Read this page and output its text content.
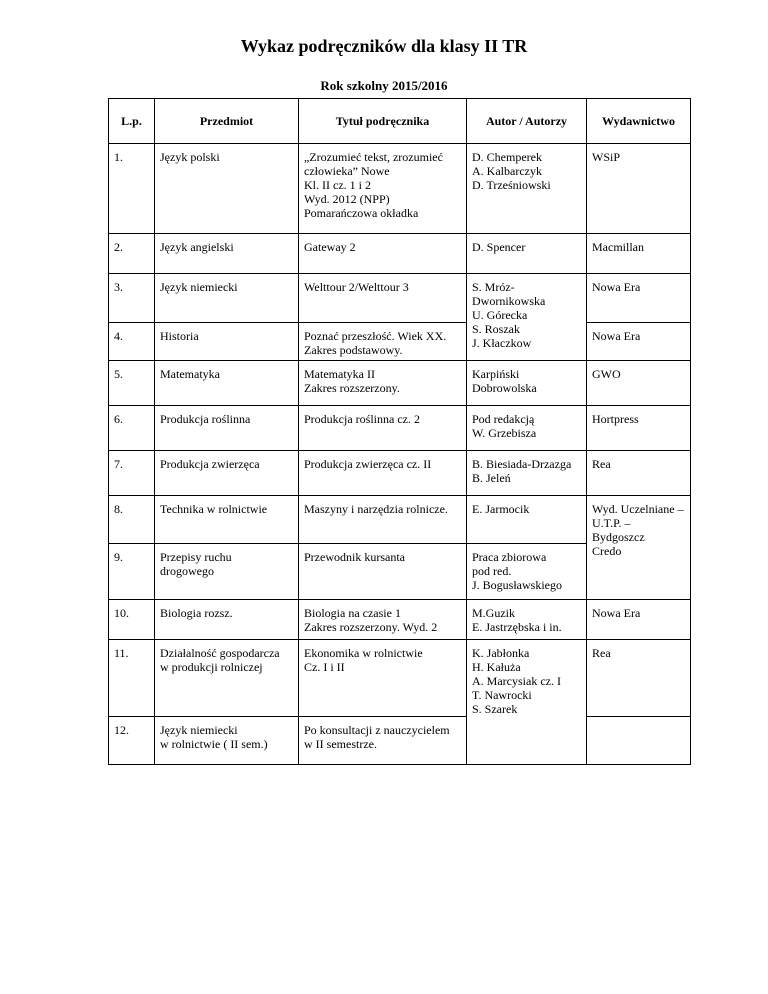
Wykaz podręczników dla klasy II TR
Rok szkolny 2015/2016
L.p.	Przedmiot	Tytuł podręcznika	Autor / Autorzy	Wydawnictwo
1.	Język polski	„Zrozumieć tekst, zrozumieć człowieka” Nowe
Kl. II cz. 1 i 2
Wyd. 2012 (NPP)
Pomarańczowa okładka	D. Chemperek
A. Kalbarczyk
D. Trześniowski	WSiP
2.	Język angielski	Gateway 2	D. Spencer	Macmillan
3.	Język niemiecki	Welttour 2/Welttour 3	S. Mróz-Dwornikowska
U. Górecka	Nowa Era
4.	Historia	Poznać przeszłość. Wiek XX.
Zakres podstawowy.	S. Roszak
J. Kłaczkow	Nowa Era
5.	Matematyka	Matematyka II
Zakres rozszerzony.	Karpiński
Dobrowolska	GWO
6.	Produkcja roślinna	Produkcja roślinna cz. 2	Pod redakcją
W. Grzebisza	Hortpress
7.	Produkcja zwierzęca	Produkcja zwierzęca cz. II	B. Biesiada-Drzazga
B. Jeleń	Rea
8.	Technika w rolnictwie	Maszyny i narzędzia rolnicze.	E. Jarmocik	Wyd. Uczelniane –
U.T.P. – Bydgoszcz
9.	Przepisy ruchu
drogowego	Przewodnik kursanta	Praca zbiorowa
pod red.
J. Bogusławskiego	Credo
10.	Biologia rozsz.	Biologia na czasie 1
Zakres rozszerzony. Wyd. 2	M.Guzik
E. Jastrzębska i in.	Nowa Era
11.	Działalność gospodarcza
w produkcji rolniczej	Ekonomika w rolnictwie
Cz. I i II	K. Jabłonka
H. Kałuża
A. Marcysiak cz. I
T. Nawrocki
S. Szarek	Rea
12.	Język niemiecki
w rolnictwie ( II sem.)	Po konsultacji z nauczycielem
w II semestrze.		
